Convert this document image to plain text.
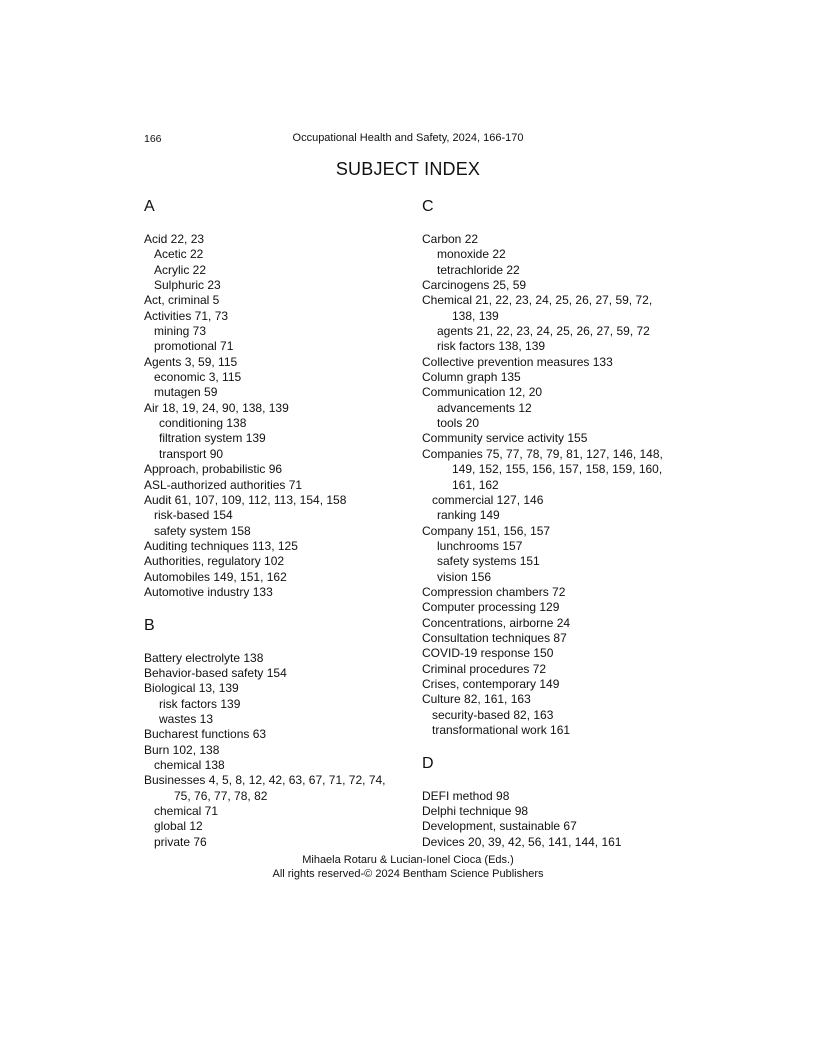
166	Occupational Health and Safety, 2024, 166-170
SUBJECT INDEX
A
Acid 22, 23
Acetic 22
Acrylic 22
Sulphuric 23
Act, criminal 5
Activities 71, 73
mining 73
promotional 71
Agents 3, 59, 115
economic 3, 115
mutagen 59
Air 18, 19, 24, 90, 138, 139
conditioning 138
filtration system 139
transport 90
Approach, probabilistic 96
ASL-authorized authorities 71
Audit 61, 107, 109, 112, 113, 154, 158
risk-based 154
safety system 158
Auditing techniques 113, 125
Authorities, regulatory 102
Automobiles 149, 151, 162
Automotive industry 133
B
Battery electrolyte 138
Behavior-based safety 154
Biological 13, 139
risk factors 139
wastes 13
Bucharest functions 63
Burn 102, 138
chemical 138
Businesses 4, 5, 8, 12, 42, 63, 67, 71, 72, 74,
75, 76, 77, 78, 82
chemical 71
global 12
private 76
C
Carbon 22
monoxide 22
tetrachloride 22
Carcinogens 25, 59
Chemical 21, 22, 23, 24, 25, 26, 27, 59, 72,
138, 139
agents 21, 22, 23, 24, 25, 26, 27, 59, 72
risk factors 138, 139
Collective prevention measures 133
Column graph 135
Communication 12, 20
advancements 12
tools 20
Community service activity 155
Companies 75, 77, 78, 79, 81, 127, 146, 148,
149, 152, 155, 156, 157, 158, 159, 160,
161, 162
commercial 127, 146
ranking 149
Company 151, 156, 157
lunchrooms 157
safety systems 151
vision 156
Compression chambers 72
Computer processing 129
Concentrations, airborne 24
Consultation techniques 87
COVID-19 response 150
Criminal procedures 72
Crises, contemporary 149
Culture 82, 161, 163
security-based 82, 163
transformational work 161
D
DEFI method 98
Delphi technique 98
Development, sustainable 67
Devices 20, 39, 42, 56, 141, 144, 161
Mihaela Rotaru & Lucian-Ionel Cioca (Eds.)
All rights reserved-© 2024 Bentham Science Publishers
